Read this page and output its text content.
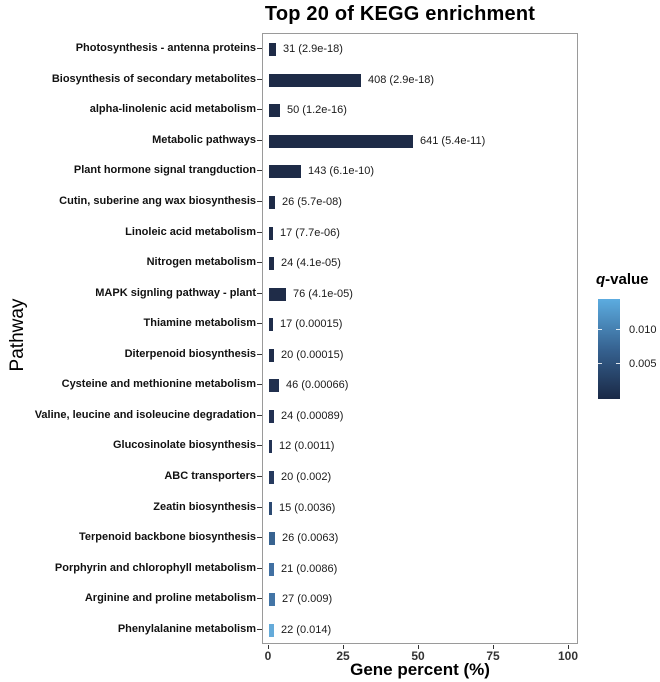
Top 20 of KEGG enrichment
Pathway
Photosynthesis - antenna proteins
Biosynthesis of secondary metabolites
alpha-linolenic acid metabolism
Metabolic pathways
Plant hormone signal trangduction
Cutin, suberine ang wax biosynthesis
Linoleic acid metabolism
Nitrogen metabolism
MAPK signling pathway - plant
Thiamine metabolism
Diterpenoid biosynthesis
Cysteine and methionine metabolism
Valine, leucine and isoleucine degradation
Glucosinolate biosynthesis
ABC transporters
Zeatin biosynthesis
Terpenoid backbone biosynthesis
Porphyrin and chlorophyll metabolism
Arginine and proline metabolism
Phenylalanine metabolism
31 (2.9e-18)
408 (2.9e-18)
50 (1.2e-16)
641 (5.4e-11)
143 (6.1e-10)
26 (5.7e-08)
17 (7.7e-06)
24 (4.1e-05)
76 (4.1e-05)
17 (0.00015)
20 (0.00015)
46 (0.00066)
24 (0.00089)
12 (0.0011)
20 (0.002)
15 (0.0036)
26 (0.0063)
21 (0.0086)
27 (0.009)
22 (0.014)
0	25	50	75	100
Gene percent (%)
q-value
0.010
0.005
